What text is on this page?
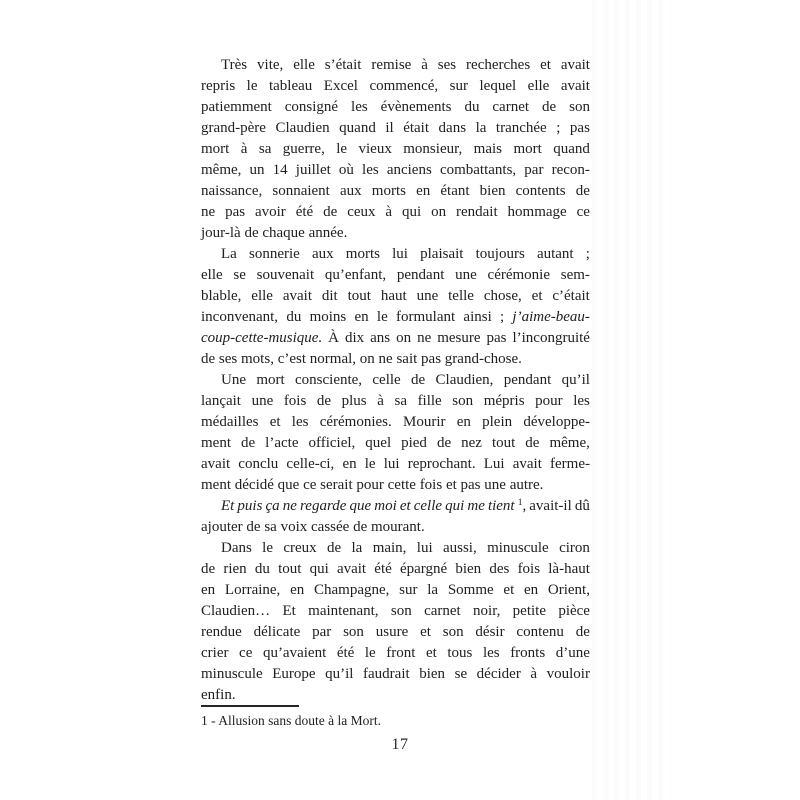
Très vite, elle s’était remise à ses recherches et avait
repris le tableau Excel commencé, sur lequel elle avait
patiemment consigné les évènements du carnet de son
grand-père Claudien quand il était dans la tranchée ; pas
mort à sa guerre, le vieux monsieur, mais mort quand
même, un 14 juillet où les anciens combattants, par recon-
naissance, sonnaient aux morts en étant bien contents de
ne pas avoir été de ceux à qui on rendait hommage ce
jour-là de chaque année.
La sonnerie aux morts lui plaisait toujours autant ;
elle se souvenait qu’enfant, pendant une cérémonie sem-
blable, elle avait dit tout haut une telle chose, et c’était
inconvenant, du moins en le formulant ainsi ; j’aime-beau-
coup-cette-musique. À dix ans on ne mesure pas l’incongruité
de ses mots, c’est normal, on ne sait pas grand-chose.
Une mort consciente, celle de Claudien, pendant qu’il
lançait une fois de plus à sa fille son mépris pour les
médailles et les cérémonies. Mourir en plein développe-
ment de l’acte officiel, quel pied de nez tout de même,
avait conclu celle-ci, en le lui reprochant. Lui avait ferme-
ment décidé que ce serait pour cette fois et pas une autre.
Et puis ça ne regarde que moi et celle qui me tient $^1$, avait-il dû
ajouter de sa voix cassée de mourant.
Dans le creux de la main, lui aussi, minuscule ciron
de rien du tout qui avait été épargné bien des fois là-haut
en Lorraine, en Champagne, sur la Somme et en Orient,
Claudien… Et maintenant, son carnet noir, petite pièce
rendue délicate par son usure et son désir contenu de
crier ce qu’avaient été le front et tous les fronts d’une
minuscule Europe qu’il faudrait bien se décider à vouloir
enfin.
1 - Allusion sans doute à la Mort.
17
